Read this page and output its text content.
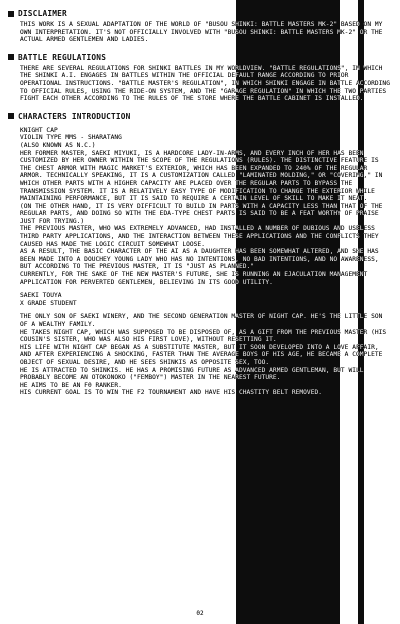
DISCLAIMER

THIS WORK IS A SEXUAL ADAPTATION OF THE WORLD OF "BUSOU SHINKI: BATTLE MASTERS MK-2" BASED ON MY OWN INTERPRETATION. IT'S NOT OFFICIALLY INVOLVED WITH "BUSOU SHINKI: BATTLE MASTERS MK-2" OR THE ACTUAL ARMED GENTLEMEN AND LADIES.

BATTLE REGULATIONS

THERE ARE SEVERAL REGULATIONS FOR SHINKI BATTLES IN MY WORLDVIEW. "BATTLE REGULATIONS", IN WHICH THE SHINKI A.I. ENGAGES IN BATTLES WITHIN THE OFFICIAL DEFAULT RANGE ACCORDING TO PRIOR OPERATIONAL INSTRUCTIONS. "BATTLE MASTER'S REGULATION", IN WHICH SHINKI ENGAGE IN BATTLE ACCORDING TO OFFICIAL RULES, USING THE RIDE-ON SYSTEM, AND THE "GARAGE REGULATION" IN WHICH THE TWO PARTIES FIGHT EACH OTHER ACCORDING TO THE RULES OF THE STORE WHERE THE BATTLE CABINET IS INSTALLED.

CHARACTERS INTRODUCTION

KNIGHT CAP

VIOLIN TYPE MMS - SHARATANG

(ALSO KNOWN AS N.C.)

HER FORMER MASTER, SAEKI MIYUKI, IS A HARDCORE LADY-IN-ARMS, AND EVERY INCH OF HER HAS BEEN CUSTOMIZED BY HER OWNER WITHIN THE SCOPE OF THE REGULATIONS (RULES). THE DISTINCTIVE FEATURE IS THE CHEST ARMOR WITH MAGIC MARKET'S EXTERIOR, WHICH HAS BEEN EXPANDED TO 240% OF THE REGULAR ARMOR. TECHNICALLY SPEAKING, IT IS A CUSTOMIZATION CALLED "LAMINATED MOLDING," OR "COVERING," IN WHICH OTHER PARTS WITH A HIGHER CAPACITY ARE PLACED OVER THE REGULAR PARTS TO BYPASS THE TRANSMISSION SYSTEM. IT IS A RELATIVELY EASY TYPE OF MODIFICATION TO CHANGE THE EXTERIOR WHILE MAINTAINING PERFORMANCE, BUT IT IS SAID TO REQUIRE A CERTAIN LEVEL OF SKILL TO MAKE IT NEAT.

(ON THE OTHER HAND, IT IS VERY DIFFICULT TO BUILD IN PARTS WITH A CAPACITY LESS THAN THAT OF THE REGULAR PARTS, AND DOING SO WITH THE EDA-TYPE CHEST PARTS IS SAID TO BE A FEAT WORTHY OF PRAISE JUST FOR TRYING.)

THE PREVIOUS MASTER, WHO WAS EXTREMELY ADVANCED, HAD INSTALLED A NUMBER OF DUBIOUS AND USELESS THIRD PARTY APPLICATIONS, AND THE INTERACTION BETWEEN THESE APPLICATIONS AND THE CONFLICTS THEY CAUSED HAS MADE THE LOGIC CIRCUIT SOMEWHAT LOOSE.

AS A RESULT, THE BASIC CHARACTER OF THE AI AS A DAUGHTER HAS BEEN SOMEWHAT ALTERED, AND SHE HAS BEEN MADE INTO A DOUCHEY YOUNG LADY WHO HAS NO INTENTIONS, NO BAD INTENTIONS, AND NO AWARENESS, BUT ACCORDING TO THE PREVIOUS MASTER, IT IS "JUST AS PLANNED."

CURRENTLY, FOR THE SAKE OF THE NEW MASTER'S FUTURE, SHE IS RUNNING AN EJACULATION MANAGEMENT APPLICATION FOR PERVERTED GENTLEMEN, BELIEVING IN ITS GOOD UTILITY.

SAEKI TOUYA

X GRADE STUDENT

THE ONLY SON OF SAEKI WINERY, AND THE SECOND GENERATION MASTER OF NIGHT CAP. HE'S THE LITTLE SON OF A WEALTHY FAMILY.

HE TAKES NIGHT CAP, WHICH WAS SUPPOSED TO BE DISPOSED OF, AS A GIFT FROM THE PREVIOUS MASTER (HIS COUSIN'S SISTER, WHO WAS ALSO HIS FIRST LOVE), WITHOUT RESETTING IT.

HIS LIFE WITH NIGHT CAP BEGAN AS A SUBSTITUTE MASTER, BUT IT SOON DEVELOPED INTO A LOVE AFFAIR, AND AFTER EXPERIENCING A SHOCKING, FASTER THAN THE AVERAGE BOYS OF HIS AGE, HE BECAME A COMPLETE OBJECT OF SEXUAL DESIRE, AND HE SEES SHINKIS AS OPPOSITE SEX, TOO.

HE IS ATTRACTED TO SHINKIS. HE HAS A PROMISING FUTURE AS ADVANCED ARMED GENTLEMAN, BUT WILL PROBABLY BECOME AN OTOKONOKO ("FEMBOY") MASTER IN THE NEAREST FUTURE.

HE AIMS TO BE AN F0 RANKER.

HIS CURRENT GOAL IS TO WIN THE F2 TOURNAMENT AND HAVE HIS CHASTITY BELT REMOVED.

02
